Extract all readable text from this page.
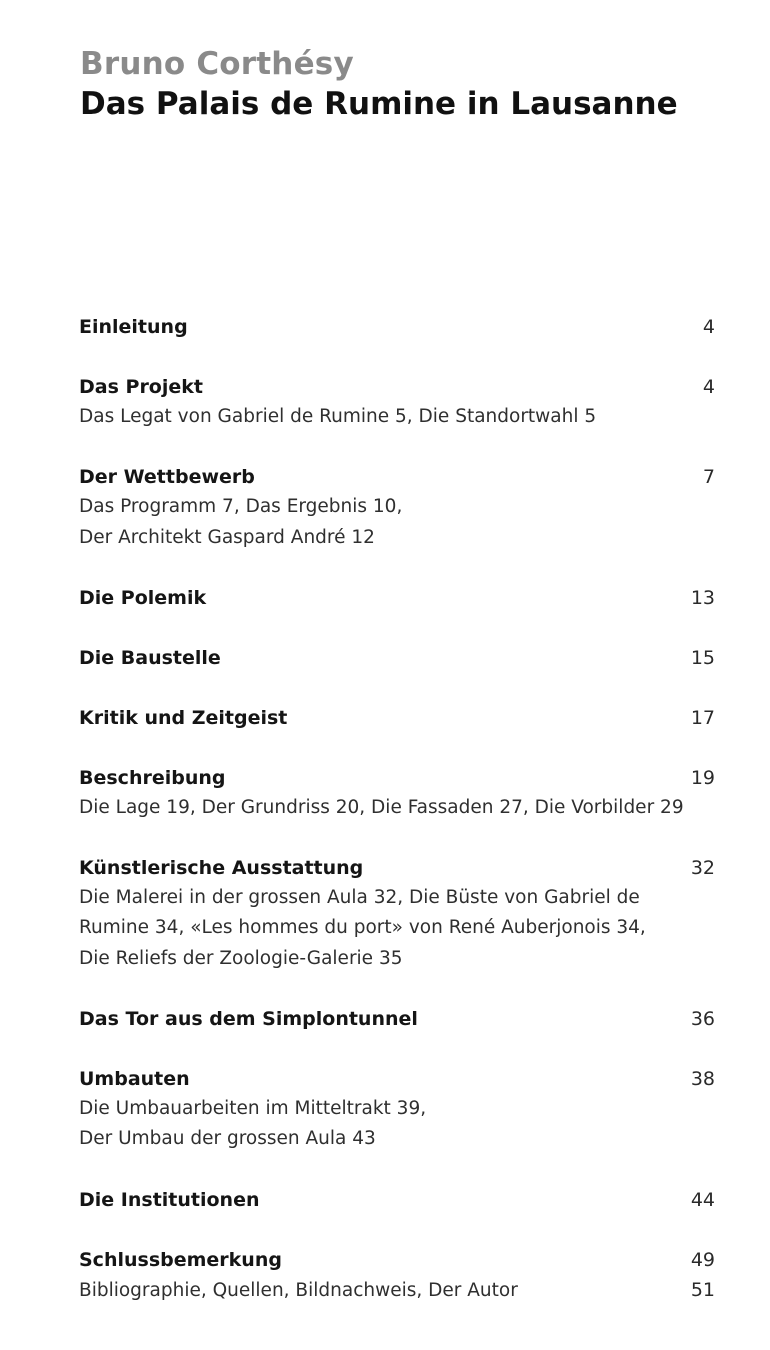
Bruno Corthésy
Das Palais de Rumine in Lausanne
Einleitung	4
Das Projekt	4
Das Legat von Gabriel de Rumine 5, Die Standortwahl 5
Der Wettbewerb	7
Das Programm 7, Das Ergebnis 10,
Der Architekt Gaspard André 12
Die Polemik	13
Die Baustelle	15
Kritik und Zeitgeist	17
Beschreibung	19
Die Lage 19, Der Grundriss 20, Die Fassaden 27, Die Vorbilder 29
Künstlerische Ausstattung	32
Die Malerei in der grossen Aula 32, Die Büste von Gabriel de
Rumine 34, «Les hommes du port» von René Auberjonois 34,
Die Reliefs der Zoologie-Galerie 35
Das Tor aus dem Simplontunnel	36
Umbauten	38
Die Umbauarbeiten im Mitteltrakt 39,
Der Umbau der grossen Aula 43
Die Institutionen	44
Schlussbemerkung	49
Bibliographie, Quellen, Bildnachweis, Der Autor	51
